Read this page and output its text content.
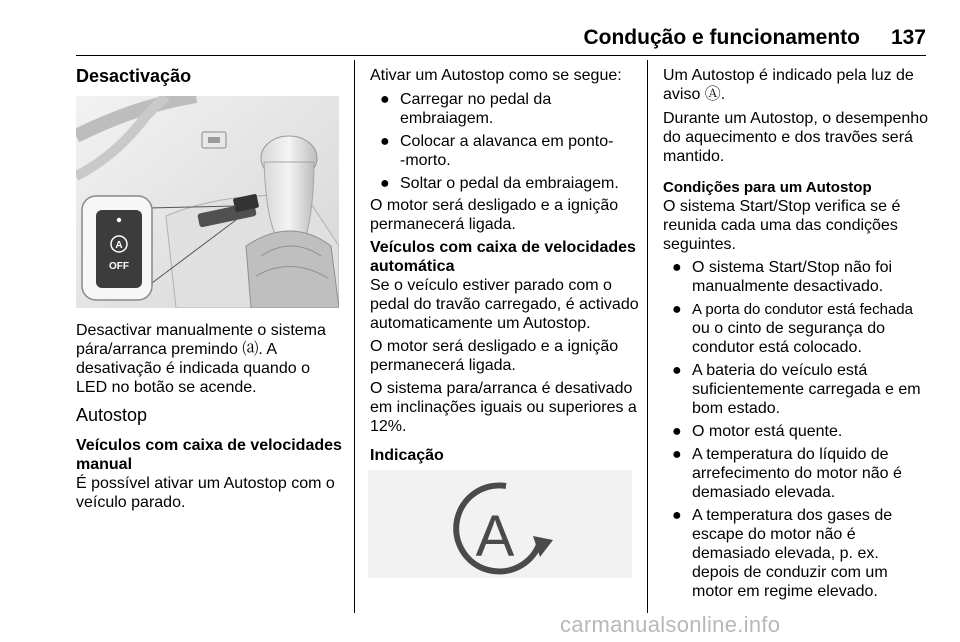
Condução e funcionamento	137
Desactivação
A
OFF
Desactivar manualmente o sistema
pára/arranca premindo ⒜. A
desativação é indicada quando o
LED no botão se acende.
Autostop
Veículos com caixa de velocidades
manual
É possível ativar um Autostop com o
veículo parado.
Ativar um Autostop como se segue:
● Carregar no pedal da
embraiagem.
● Colocar a alavanca em ponto-
-morto.
● Soltar o pedal da embraiagem.
O motor será desligado e a ignição
permanecerá ligada.
Veículos com caixa de velocidades
automática
Se o veículo estiver parado com o
pedal do travão carregado, é activado
automaticamente um Autostop.
O motor será desligado e a ignição
permanecerá ligada.
O sistema para/arranca é desativado
em inclinações iguais ou superiores a
12%.
Indicação
A
Um Autostop é indicado pela luz de
aviso Ⓐ.
Durante um Autostop, o desempenho
do aquecimento e dos travões será
mantido.
Condições para um Autostop
O sistema Start/Stop verifica se é
reunida cada uma das condições
seguintes.
● O sistema Start/Stop não foi
manualmente desactivado.
● A porta do condutor está fechada
ou o cinto de segurança do
condutor está colocado.
● A bateria do veículo está
suficientemente carregada e em
bom estado.
● O motor está quente.
● A temperatura do líquido de
arrefecimento do motor não é
demasiado elevada.
● A temperatura dos gases de
escape do motor não é
demasiado elevada, p. ex.
depois de conduzir com um
motor em regime elevado.
carmanualsonline.info
